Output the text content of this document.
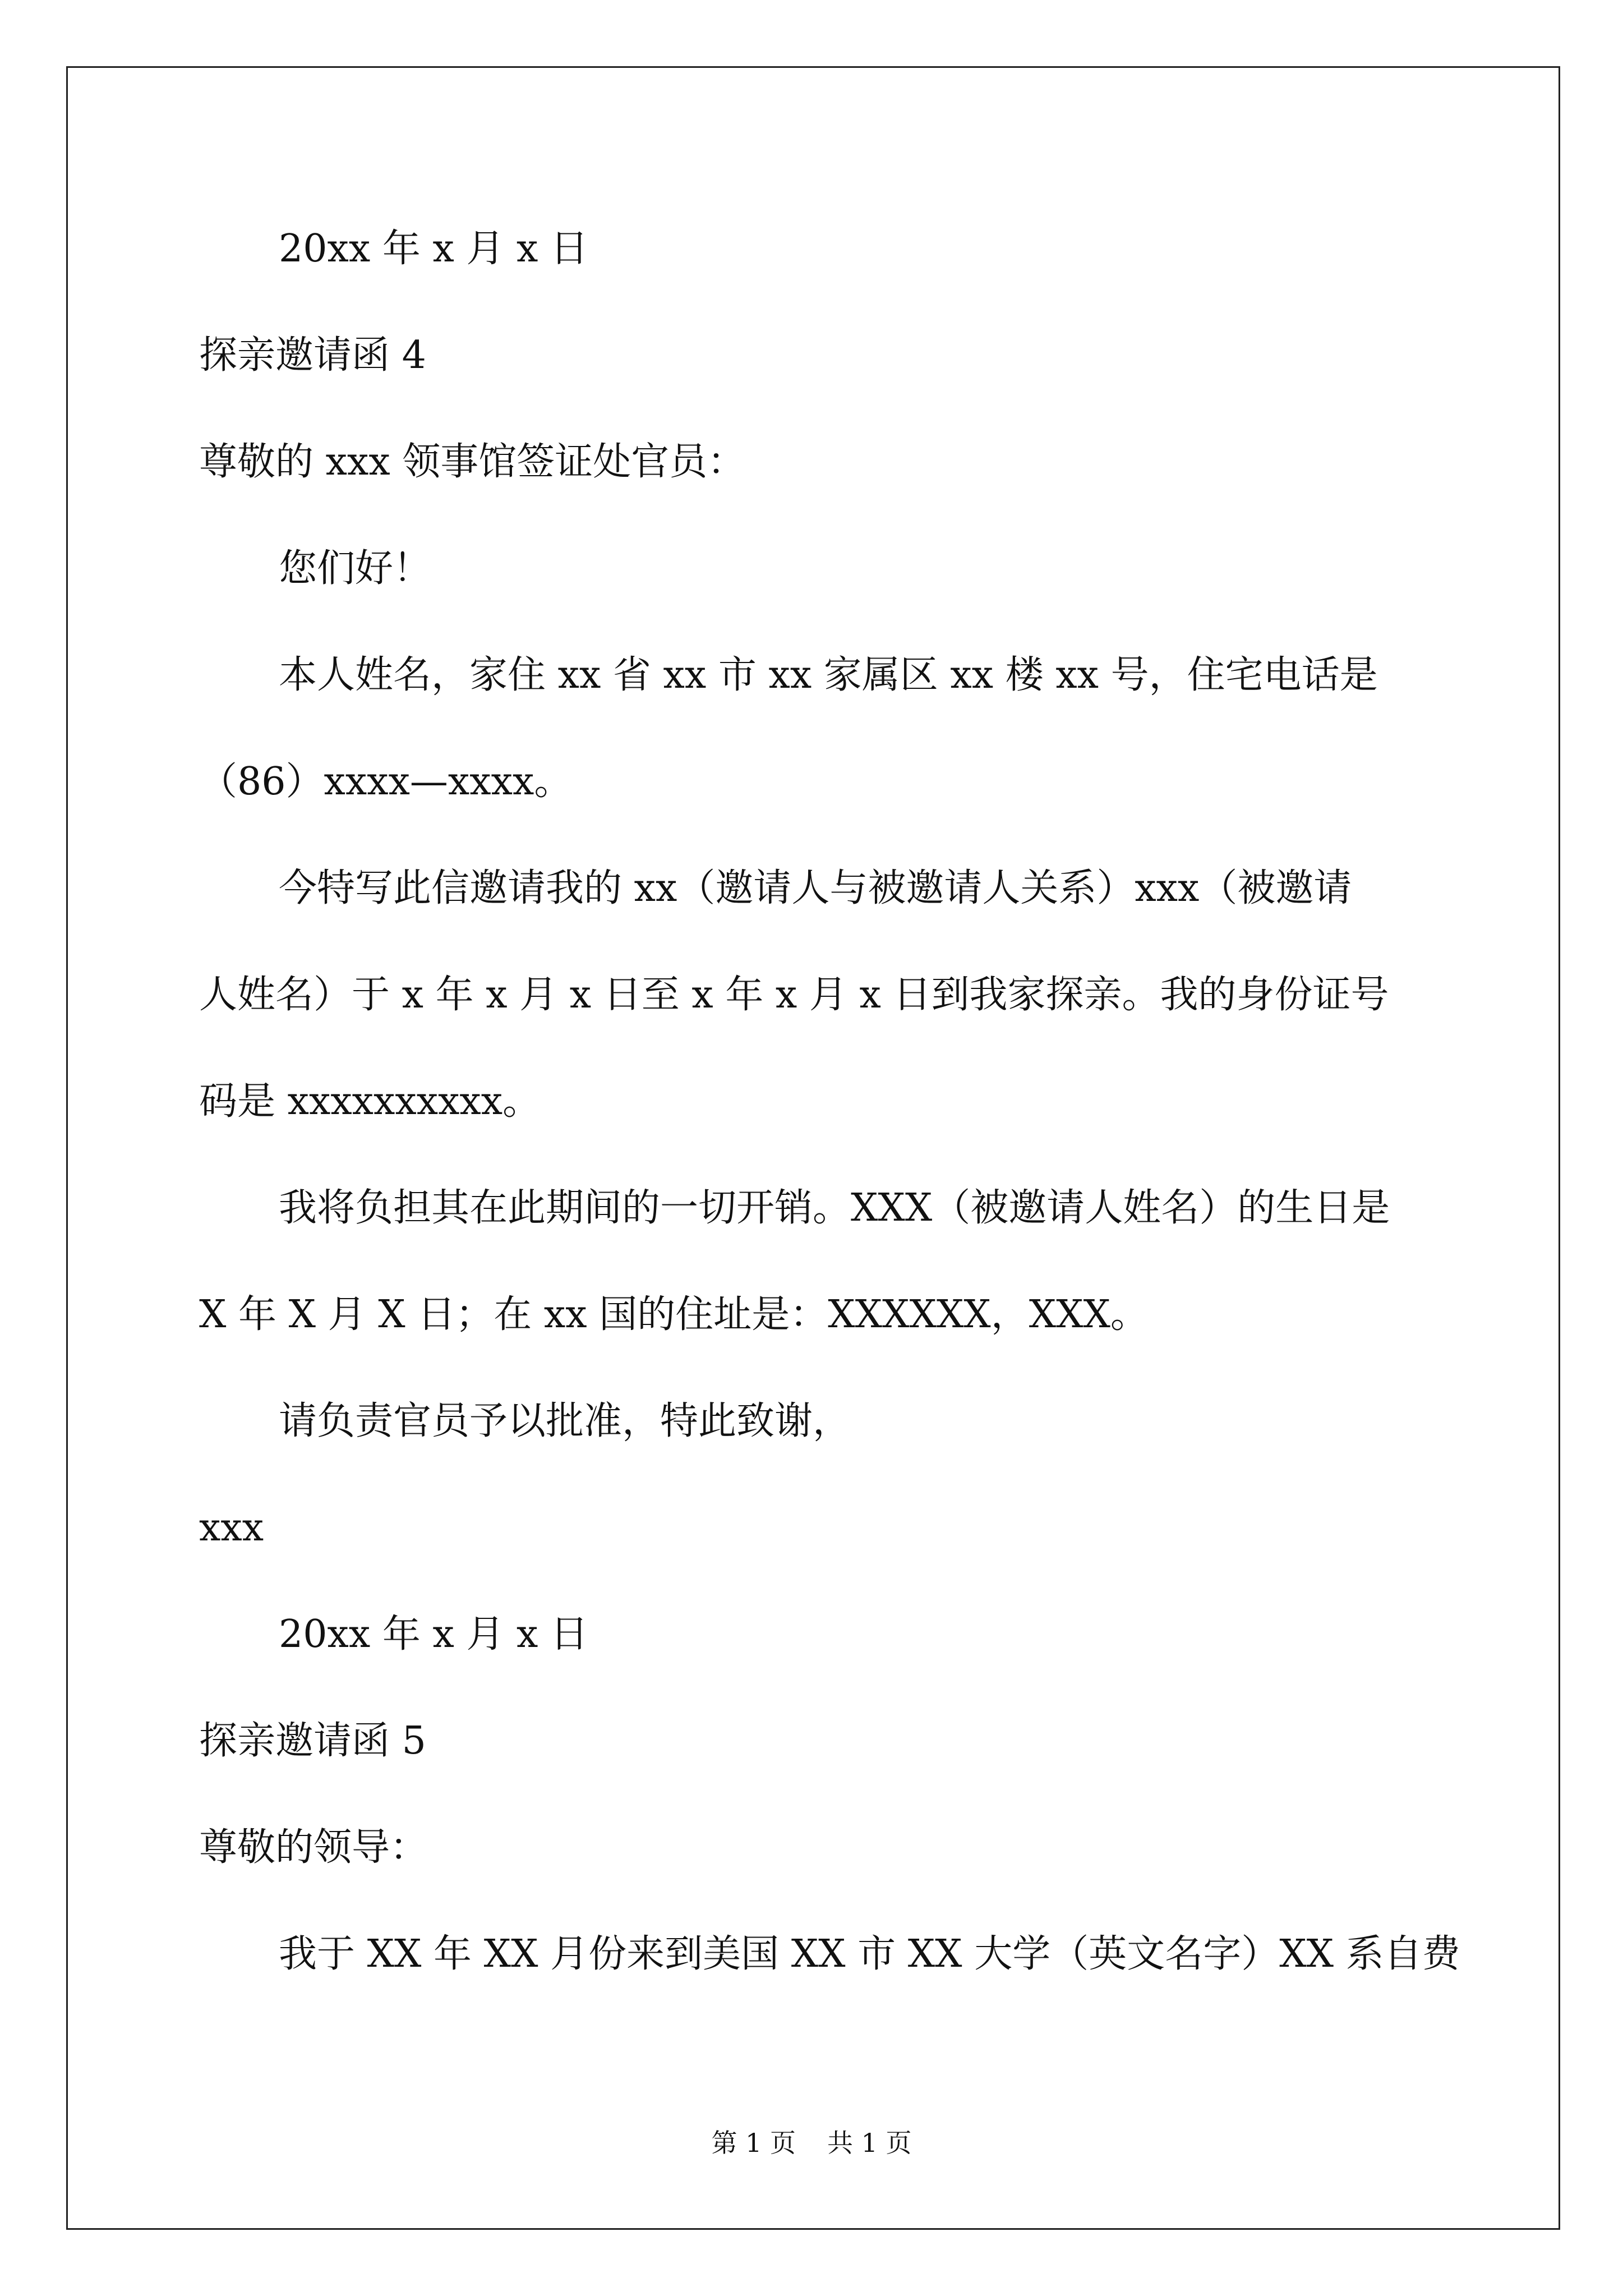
20xx 年 x 月 x 日
探亲邀请函 4
尊敬的 xxx 领事馆签证处官员：
您们好！
本人姓名，家住 xx 省 xx 市 xx 家属区 xx 楼 xx 号，住宅电话是
（86）xxxx—xxxx。
今特写此信邀请我的 xx（邀请人与被邀请人关系）xxx（被邀请
人姓名）于 x 年 x 月 x 日至 x 年 x 月 x 日到我家探亲。我的身份证号
码是 xxxxxxxxxx。
我将负担其在此期间的一切开销。XXX（被邀请人姓名）的生日是
X 年 X 月 X 日；在 xx 国的住址是：XXXXXX，XXX。
请负责官员予以批准，特此致谢，
xxx
20xx 年 x 月 x 日
探亲邀请函 5
尊敬的领导：
我于 XX 年 XX 月份来到美国 XX 市 XX 大学（英文名字）XX 系自费
第 1 页 共 1 页
